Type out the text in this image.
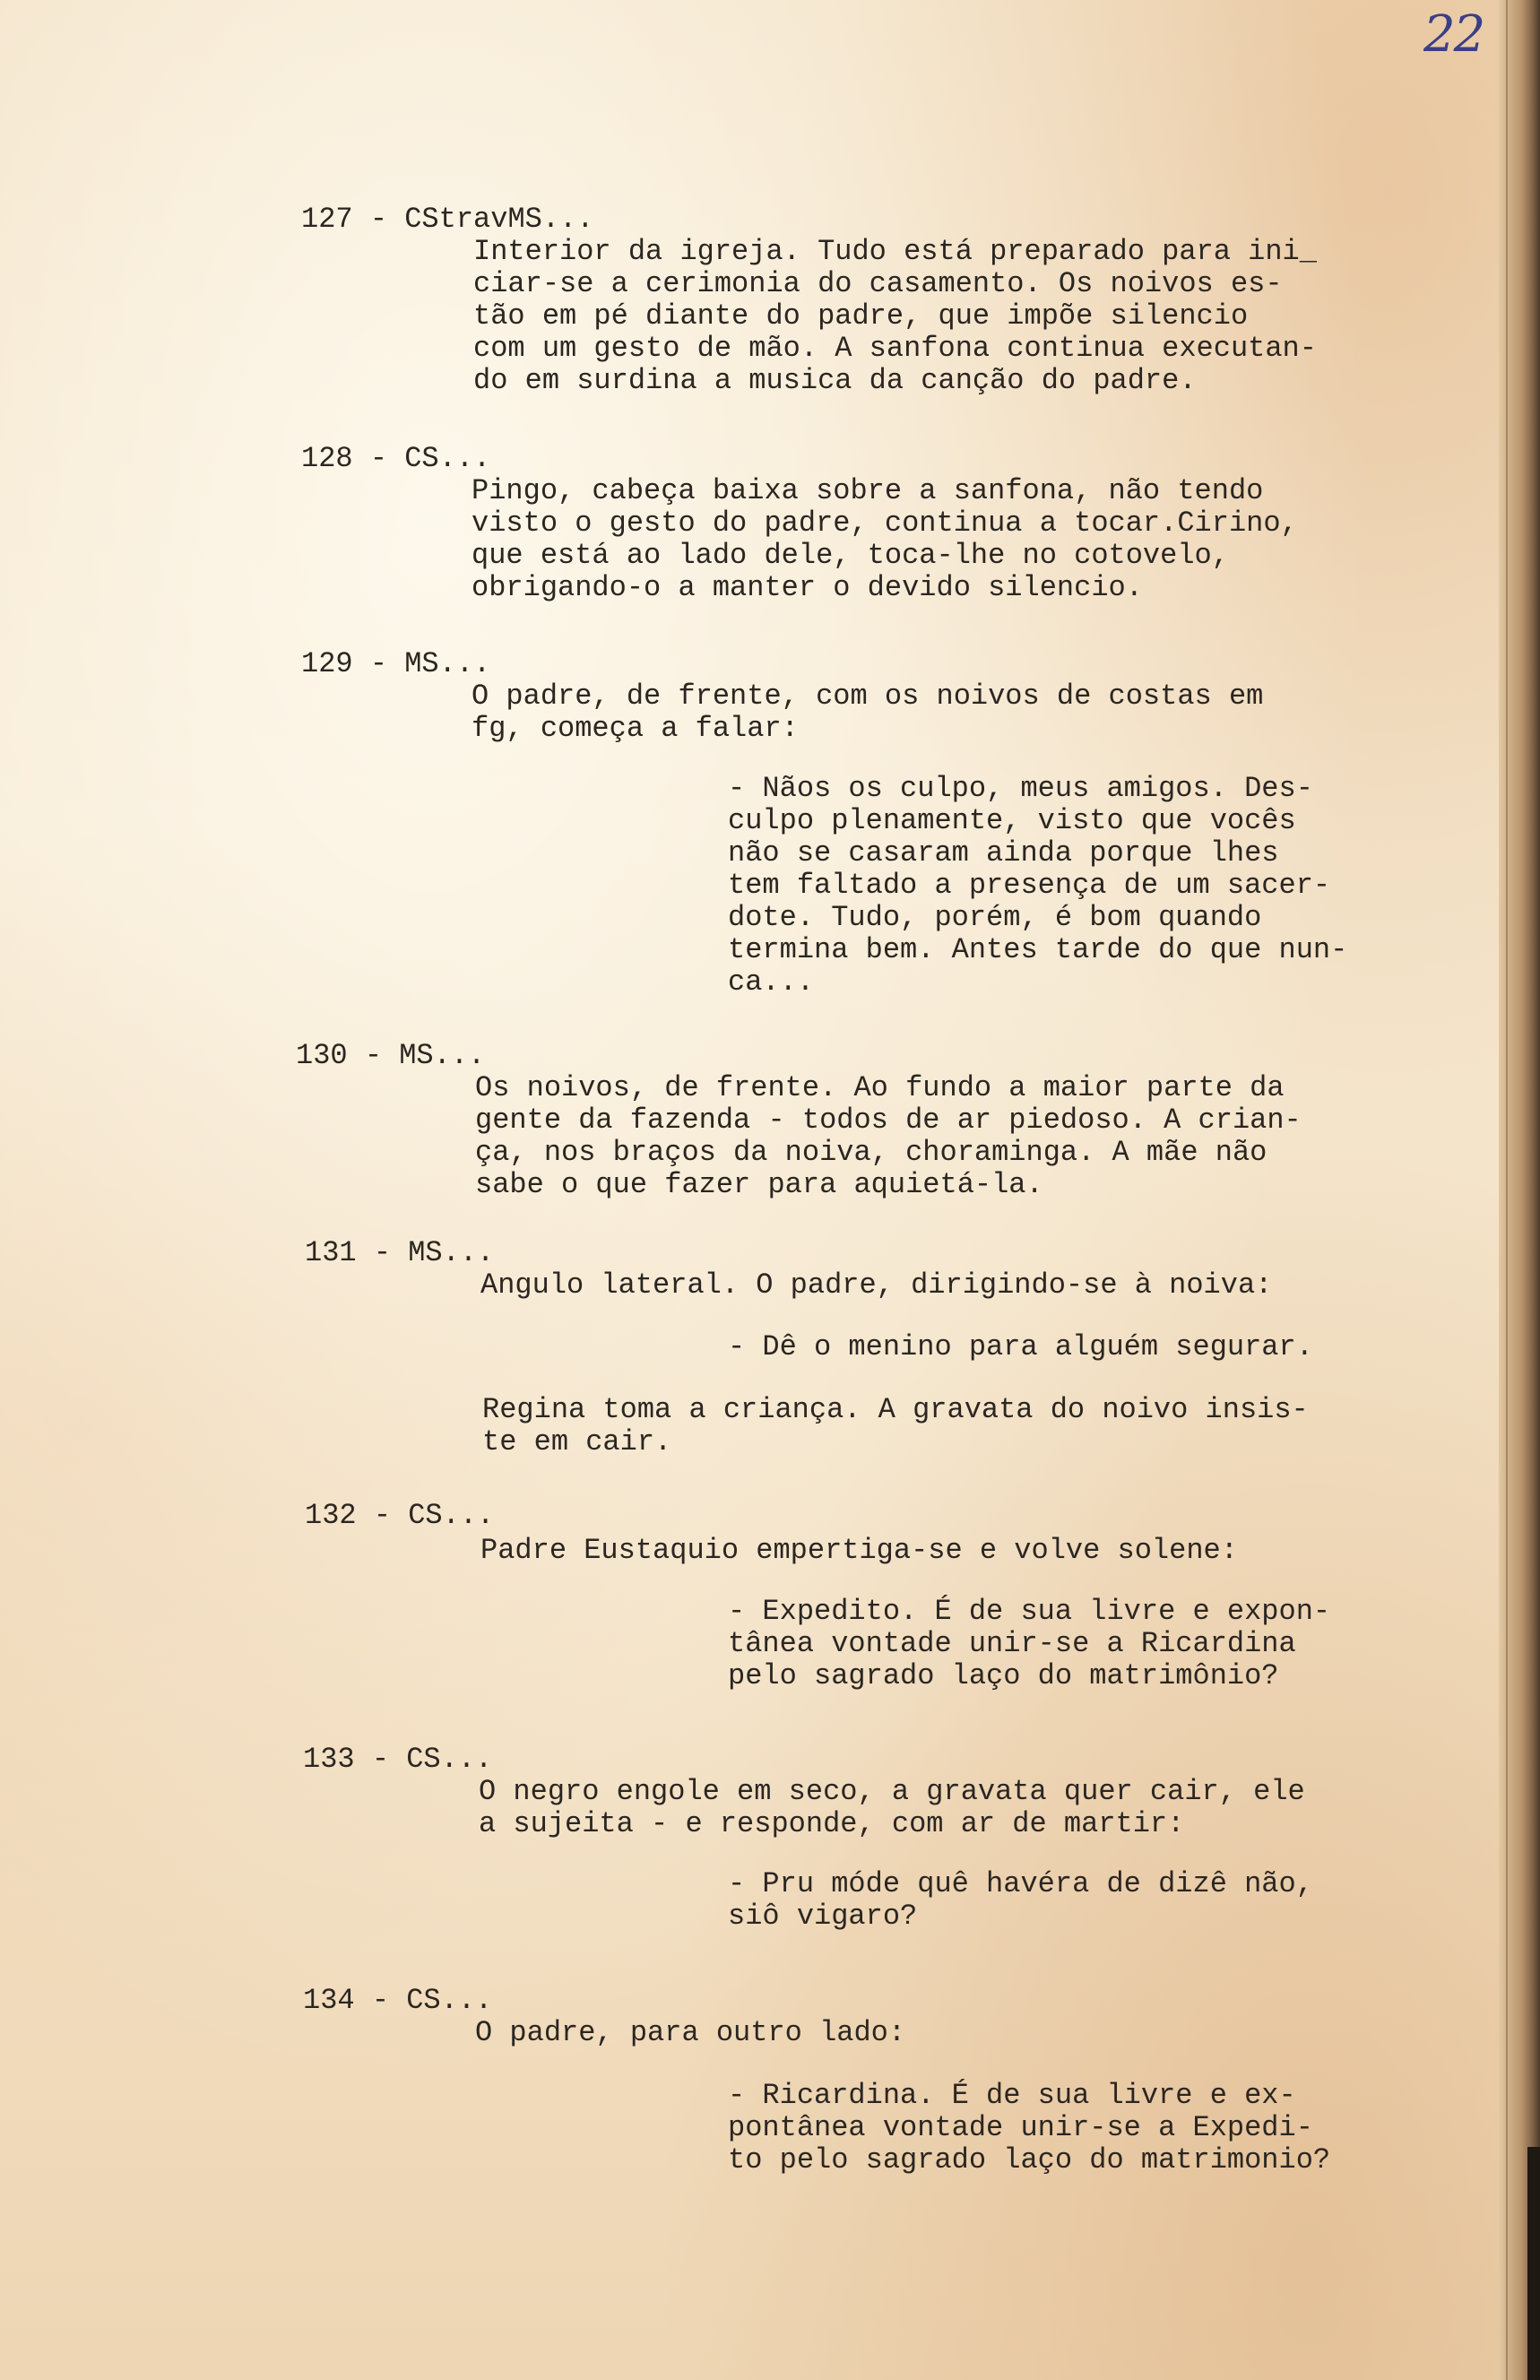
22
127 - CStravMS...
Interior da igreja. Tudo está preparado para ini_
ciar-se a cerimonia do casamento. Os noivos es-
tão em pé diante do padre, que impõe silencio
com um gesto de mão. A sanfona continua executan-
do em surdina a musica da canção do padre.
128 - CS...
Pingo, cabeça baixa sobre a sanfona, não tendo
visto o gesto do padre, continua a tocar.Cirino,
que está ao lado dele, toca-lhe no cotovelo,
obrigando-o a manter o devido silencio.
129 - MS...
O padre, de frente, com os noivos de costas em
fg, começa a falar:
- Nãos os culpo, meus amigos. Des-
culpo plenamente, visto que vocês
não se casaram ainda porque lhes
tem faltado a presença de um sacer-
dote. Tudo, porém, é bom quando
termina bem. Antes tarde do que nun-
ca...
130 - MS...
Os noivos, de frente. Ao fundo a maior parte da
gente da fazenda - todos de ar piedoso. A crian-
ça, nos braços da noiva, choraminga. A mãe não
sabe o que fazer para aquietá-la.
131 - MS...
Angulo lateral. O padre, dirigindo-se à noiva:
- Dê o menino para alguém segurar.
Regina toma a criança. A gravata do noivo insis-
te em cair.
132 - CS...
Padre Eustaquio empertiga-se e volve solene:
- Expedito. É de sua livre e expon-
tânea vontade unir-se a Ricardina
pelo sagrado laço do matrimônio?
133 - CS...
O negro engole em seco, a gravata quer cair, ele
a sujeita - e responde, com ar de martir:
- Pru móde quê havéra de dizê não,
siô vigaro?
134 - CS...
O padre, para outro lado:
- Ricardina. É de sua livre e ex-
pontânea vontade unir-se a Expedi-
to pelo sagrado laço do matrimonio?
